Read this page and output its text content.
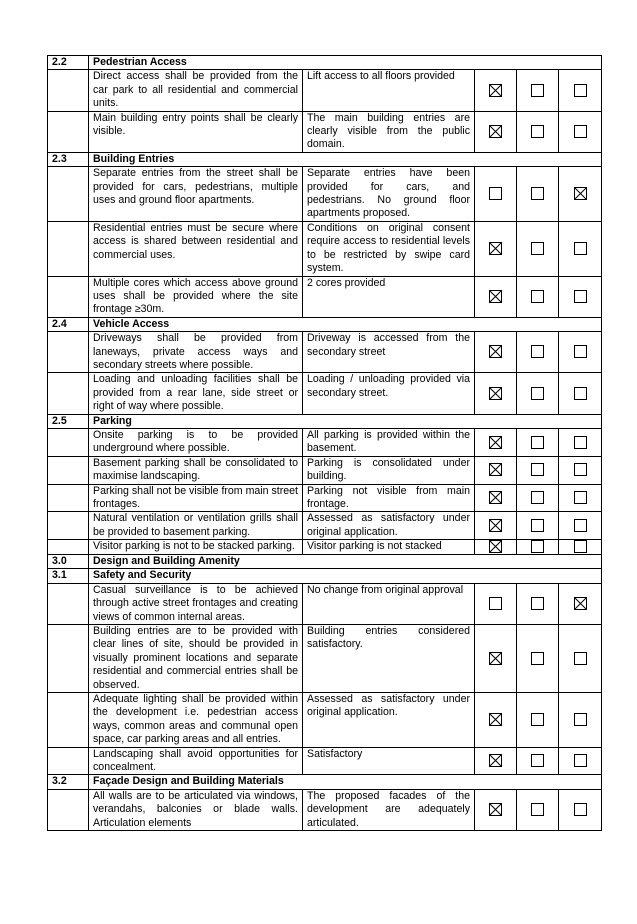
2.2	Pedestrian Access				
	Direct access shall be provided from the car park to all residential and commercial units.	Lift access to all floors provided	

	Main building entry points shall be clearly visible.	The main building entries are clearly visible from the public domain.	

2.3	Building Entries				
	Separate entries from the street shall be provided for cars, pedestrians, multiple uses and ground floor apartments.	Separate entries have been provided for cars, and pedestrians. No ground floor apartments proposed.			

	Residential entries must be secure where access is shared between residential and commercial uses.	Conditions on original consent require access to residential levels to be restricted by swipe card system.	

	Multiple cores which access above ground uses shall be provided where the site frontage ≥30m.	2 cores provided	

2.4	Vehicle Access				
	Driveways shall be provided from laneways, private access ways and secondary streets where possible.	Driveway is accessed from the secondary street	

	Loading and unloading facilities shall be provided from a rear lane, side street or right of way where possible.	Loading / unloading provided via secondary street.	

2.5	Parking				
	Onsite parking is to be provided underground where possible.	All parking is provided within the basement.	

	Basement parking shall be consolidated to maximise landscaping.	Parking is consolidated under building.	

	Parking shall not be visible from main street frontages.	Parking not visible from main frontage.	

	Natural ventilation or ventilation grills shall be provided to basement parking.	Assessed as satisfactory under original application.	

	Visitor parking is not to be stacked parking.	Visitor parking is not stacked	

3.0	Design and Building Amenity				
3.1	Safety and Security				
	Casual surveillance is to be achieved through active street frontages and creating views of common internal areas.	No change from original approval			

	Building entries are to be provided with clear lines of site, should be provided in visually prominent locations and separate residential and commercial entries shall be observed.	Building entries considered satisfactory.	

	Adequate lighting shall be provided within the development i.e. pedestrian access ways, common areas and communal open space, car parking areas and all entries.	Assessed as satisfactory under original application.	

	Landscaping shall avoid opportunities for concealment.	Satisfactory	

3.2	Façade Design and Building Materials				
	All walls are to be articulated via windows, verandahs, balconies or blade walls. Articulation elements	The proposed facades of the development are adequately articulated.	
